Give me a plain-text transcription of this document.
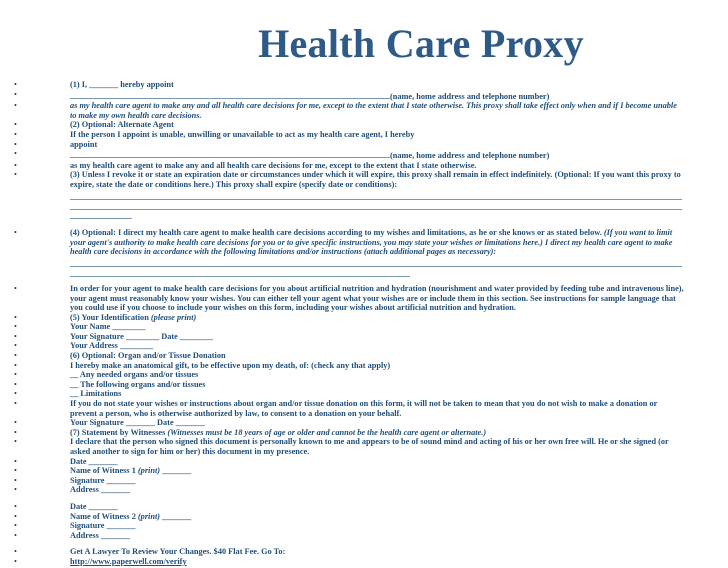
Health Care Proxy
• (1) I, _______ hereby appoint
• (name, home address and telephone number)
• as my health care agent to make any and all health care decisions for me, except to the extent that I state otherwise. This proxy shall take effect only when and if I become unable to make my own health care decisions.
• (2) Optional: Alternate Agent
• If the person I appoint is unable, unwilling or unavailable to act as my health care agent, I hereby
• appoint
• (name, home address and telephone number)
• as my health care agent to make any and all health care decisions for me, except to the extent that I state otherwise.
• (3) Unless I revoke it or state an expiration date or circumstances under which it will expire, this proxy shall remain in effect indefinitely. (Optional: If you want this proxy to expire, state the date or conditions here.) This proxy shall expire (specify date or conditions):
• (4) Optional: I direct my health care agent to make health care decisions according to my wishes and limitations, as he or she knows or as stated below. (If you want to limit your agent's authority to make health care decisions for you or to give specific instructions, you may state your wishes or limitations here.) I direct my health care agent to make health care decisions in accordance with the following limitations and/or instructions (attach additional pages as necessary):
• In order for your agent to make health care decisions for you about artificial nutrition and hydration (nourishment and water provided by feeding tube and intravenous line), your agent must reasonably know your wishes. You can either tell your agent what your wishes are or include them in this section. See instructions for sample language that you could use if you choose to include your wishes on this form, including your wishes about artificial nutrition and hydration.
• (5) Your Identification (please print)
• Your Name ________
• Your Signature ________ Date ________
• Your Address ________
• (6) Optional: Organ and/or Tissue Donation
• I hereby make an anatomical gift, to be effective upon my death, of: (check any that apply)
• __ Any needed organs and/or tissues
• __ The following organs and/or tissues
• __ Limitations
• If you do not state your wishes or instructions about organ and/or tissue donation on this form, it will not be taken to mean that you do not wish to make a donation or prevent a person, who is otherwise authorized by law, to consent to a donation on your behalf.
• Your Signature _______ Date _______
• (7) Statement by Witnesses (Witnesses must be 18 years of age or older and cannot be the health care agent or alternate.)
• I declare that the person who signed this document is personally known to me and appears to be of sound mind and acting of his or her own free will. He or she signed (or asked another to sign for him or her) this document in my presence.
• Date _______
• Name of Witness 1 (print) _______
• Signature _______
• Address _______
• Date _______
• Name of Witness 2 (print) _______
• Signature _______
• Address _______
• Get A Lawyer To Review Your Changes. $40 Flat Fee. Go To:
• http://www.paperwell.com/verify
